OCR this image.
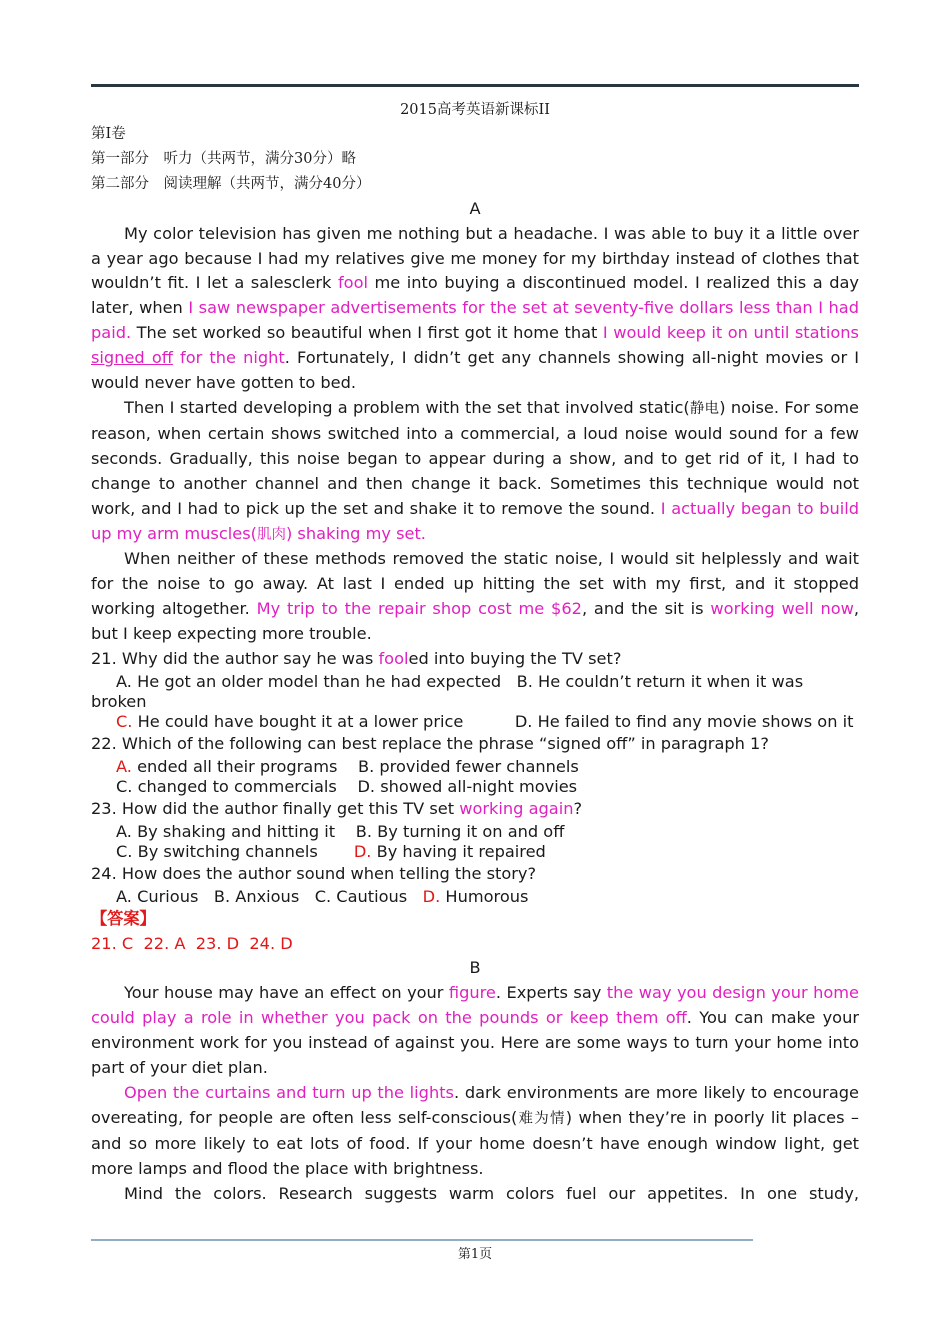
2015高考英语新课标II
第Ⅰ卷
第一部分　听力（共两节，满分30分）略
第二部分　阅读理解（共两节，满分40分）
A

My color television has given me nothing but a headache. I was able to buy it a little over a year ago because I had my relatives give me money for my birthday instead of clothes that wouldn’t fit. I let a salesclerk fool me into buying a discontinued model. I realized this a day later, when I saw newspaper advertisements for the set at seventy-five dollars less than I had paid. The set worked so beautiful when I first got it home that I would keep it on until stations signed off for the night. Fortunately, I didn’t get any channels showing all-night movies or I would never have gotten to bed.

Then I started developing a problem with the set that involved static(静电) noise. For some reason, when certain shows switched into a commercial, a loud noise would sound for a few seconds. Gradually, this noise began to appear during a show, and to get rid of it, I had to change to another channel and then change it back. Sometimes this technique would not work, and I had to pick up the set and shake it to remove the sound. I actually began to build up my arm muscles(肌肉) shaking my set.

When neither of these methods removed the static noise, I would sit helplessly and wait for the noise to go away. At last I ended up hitting the set with my first, and it stopped working altogether. My trip to the repair shop cost me $62, and the sit is working well now, but I keep expecting more trouble.

21. Why did the author say he was fooled into buying the TV set?
A. He got an older model than he had expected B. He couldn’t return it when it was broken
C. He could have bought it at a lower price	D. He failed to find any movie shows on it
22. Which of the following can best replace the phrase “signed off” in paragraph 1?
A. ended all their programs B. provided fewer channels
C. changed to commercials D. showed all-night movies
23. How did the author finally get this TV set working again?
A. By shaking and hitting it B. By turning it on and off
C. By switching channels D. By having it repaired
24. How does the author sound when telling the story?
A. Curious B. Anxious C. Cautious D. Humorous
【答案】
21. C  22. A  23. D  24. D
B

Your house may have an effect on your figure. Experts say the way you design your home could play a role in whether you pack on the pounds or keep them off. You can make your environment work for you instead of against you. Here are some ways to turn your home into part of your diet plan.

Open the curtains and turn up the lights. dark environments are more likely to encourage overeating, for people are often less self-conscious(难为情) when they’re in poorly lit places – and so more likely to eat lots of food. If your home doesn’t have enough window light, get more lamps and flood the place with brightness.

Mind the colors. Research suggests warm colors fuel our appetites. In one study,

第1页
